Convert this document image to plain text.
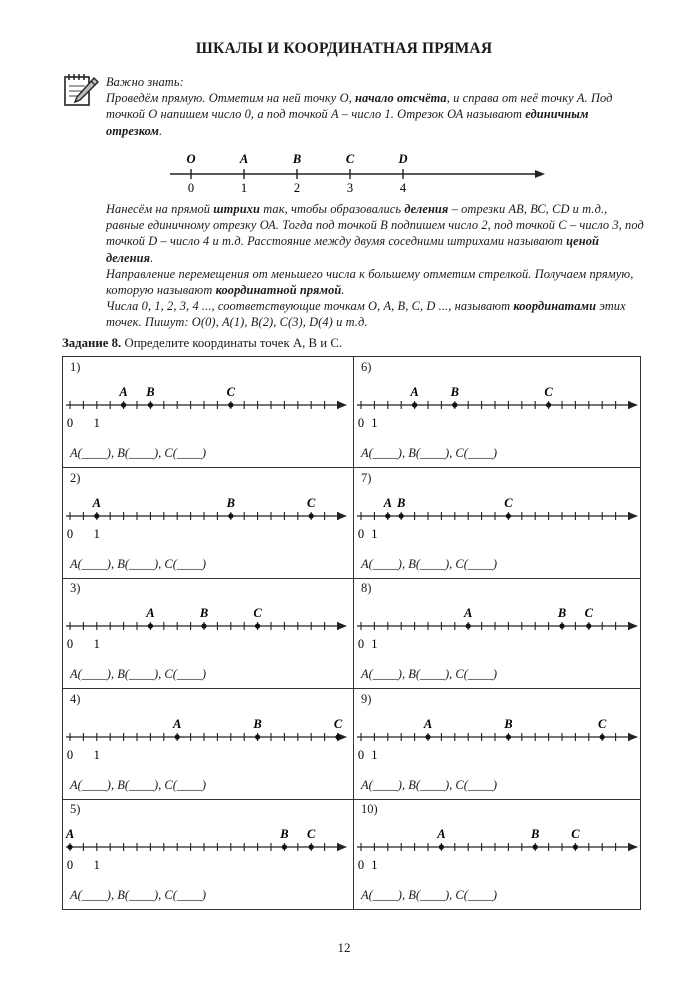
ШКАЛЫ И КООРДИНАТНАЯ ПРЯМАЯ

Важно знать:

Проведём прямую. Отметим на ней точку О, начало отсчёта, и справа от неё точку А. Под точкой О напишем число 0, а под точкой А – число 1. Отрезок ОА называют единичным отрезком.

O
0
A
1
B
2
C
3
D
4

Нанесём на прямой штрихи так, чтобы образовались деления – отрезки АВ, ВС, CD и т.д., равные единичному отрезку ОА. Тогда под точкой В подпишем число 2, под точкой С – число 3, под точкой D – число 4 и т.д. Расстояние между двумя соседними штрихами называют ценой деления.

Направление перемещения от меньшего числа к большему отметим стрелкой. Получаем прямую, которую называют координатной прямой.

Числа 0, 1, 2, 3, 4 ..., соответствующие точкам О, А, В, С, D ..., называют координатами этих точек. Пишут: О(0), А(1), В(2), С(3), D(4) и т.д.

Задание 8. Определите координаты точек A, B и C.
1)
0 1
A B	C
A(____), B(____), C(____)
2)
0 1
A	B	C
A(____), B(____), C(____)
3)
0 1
A	B	C
A(____), B(____), C(____)
4)
0 1
A	B	C
A(____), B(____), C(____)
5)
0 1
A	B C
A(____), B(____), C(____)
6)
0 1
A	B	C
A(____), B(____), C(____)
7)
0 1
A B	C
A(____), B(____), C(____)
8)
0 1
A	B C
A(____), B(____), C(____)
9)
0 1
A	B	C
A(____), B(____), C(____)
10)
0 1
A	B	C
A(____), B(____), C(____)
12
